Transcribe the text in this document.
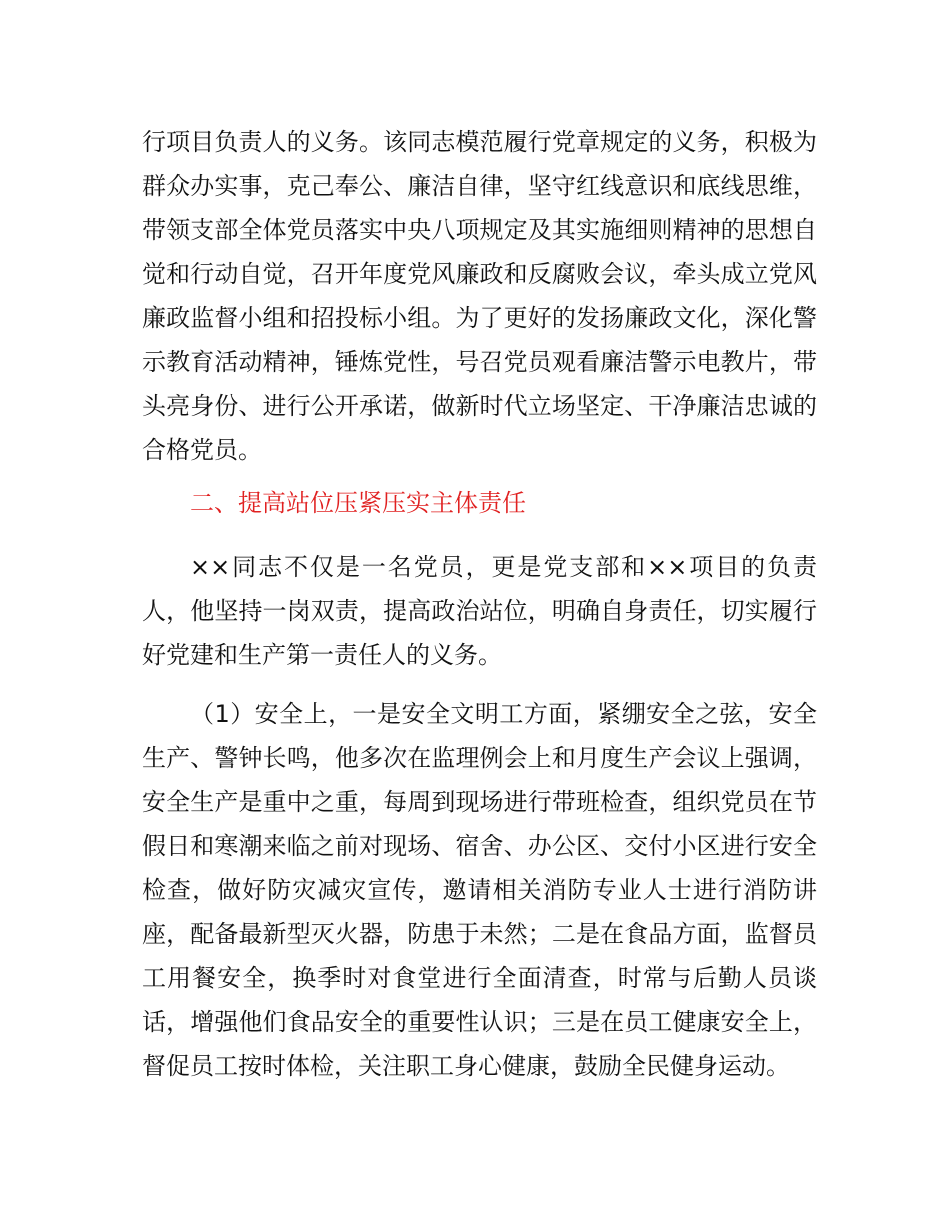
行项目负责人的义务。该同志模范履行党章规定的义务，积极为群众办实事，克己奉公、廉洁自律，坚守红线意识和底线思维，带领支部全体党员落实中央八项规定及其实施细则精神的思想自觉和行动自觉，召开年度党风廉政和反腐败会议，牵头成立党风廉政监督小组和招投标小组。为了更好的发扬廉政文化，深化警示教育活动精神，锤炼党性，号召党员观看廉洁警示电教片，带头亮身份、进行公开承诺，做新时代立场坚定、干净廉洁忠诚的合格党员。

二、提高站位压紧压实主体责任

××同志不仅是一名党员，更是党支部和××项目的负责人，他坚持一岗双责，提高政治站位，明确自身责任，切实履行好党建和生产第一责任人的义务。

（1）安全上，一是安全文明工方面，紧绷安全之弦，安全生产、警钟长鸣，他多次在监理例会上和月度生产会议上强调，安全生产是重中之重，每周到现场进行带班检查，组织党员在节假日和寒潮来临之前对现场、宿舍、办公区、交付小区进行安全检查，做好防灾减灾宣传，邀请相关消防专业人士进行消防讲座，配备最新型灭火器，防患于未然；二是在食品方面，监督员工用餐安全，换季时对食堂进行全面清查，时常与后勤人员谈话，增强他们食品安全的重要性认识；三是在员工健康安全上，督促员工按时体检，关注职工身心健康，鼓励全民健身运动。
